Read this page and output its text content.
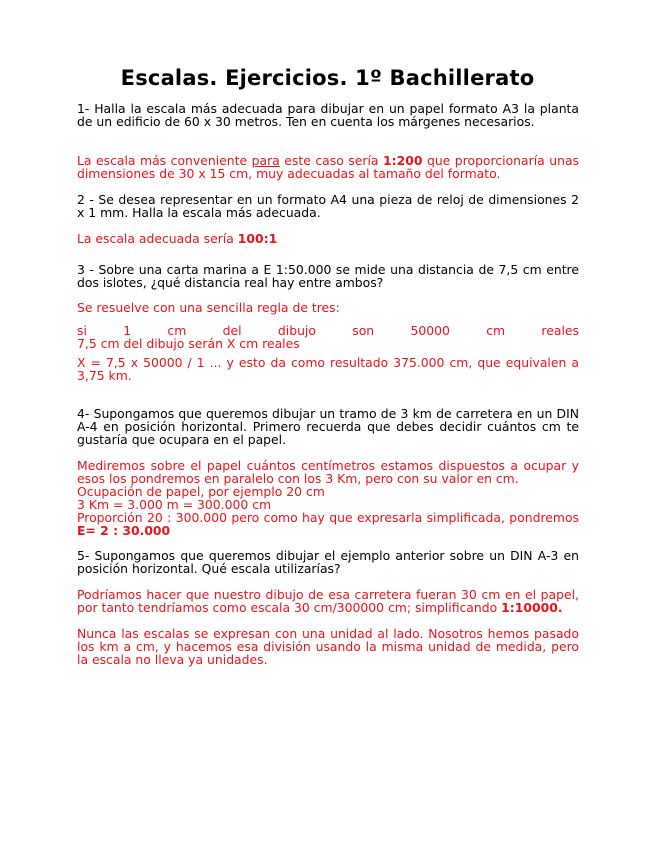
Escalas. Ejercicios. 1º Bachillerato

1- Halla la escala más adecuada para dibujar en un papel formato A3 la planta de un edificio de 60 x 30 metros. Ten en cuenta los márgenes necesarios.

La escala más conveniente para este caso sería 1:200 que proporcionaría unas dimensiones de 30 x 15 cm, muy adecuadas al tamaño del formato.

2 - Se desea representar en un formato A4 una pieza de reloj de dimensiones 2 x 1 mm. Halla la escala más adecuada.

La escala adecuada sería 100:1

3 - Sobre una carta marina a E 1:50.000 se mide una distancia de 7,5 cm entre dos islotes, ¿qué distancia real hay entre ambos?

Se resuelve con una sencilla regla de tres:

si 1 cm del dibujo son 50000 cm reales

7,5 cm del dibujo serán X cm reales

X = 7,5 x 50000 / 1 ... y esto da como resultado 375.000 cm, que equivalen a 3,75 km.

4- Supongamos que queremos dibujar un tramo de 3 km de carretera en un DIN A-4 en posición horizontal. Primero recuerda que debes decidir cuántos cm te gustaría que ocupara en el papel.

Mediremos sobre el papel cuántos centímetros estamos dispuestos a ocupar y esos los pondremos en paralelo con los 3 Km, pero con su valor en cm.

Ocupación de papel, por ejemplo 20 cm

3 Km = 3.000 m = 300.000 cm

Proporción 20 : 300.000 pero como hay que expresarla simplificada, pondremos E= 2 : 30.000

5- Supongamos que queremos dibujar el ejemplo anterior sobre un DIN A-3 en posición horizontal. Qué escala utilizarías?

Podríamos hacer que nuestro dibujo de esa carretera fueran 30 cm en el papel, por tanto tendríamos como escala 30 cm/300000 cm; simplificando 1:10000.

Nunca las escalas se expresan con una unidad al lado. Nosotros hemos pasado los km a cm, y hacemos esa división usando la misma unidad de medida, pero la escala no lleva ya unidades.
